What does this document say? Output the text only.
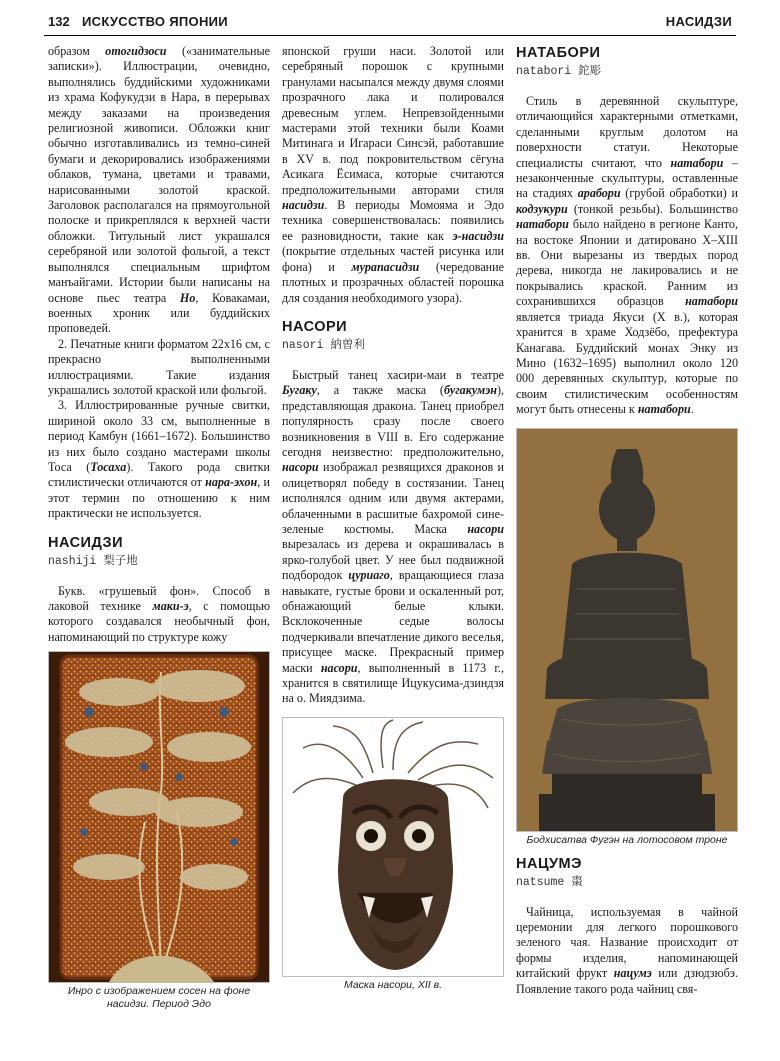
132 ИСКУССТВО ЯПОНИИ	НАСИДЗИ

образом отогидзоси («занимательные записки»). Иллюстрации, очевидно, выполнялись буддийскими художниками из храма Кофукудзи в Нара, в перерывах между заказами на произведения религиозной живописи. Обложки книг обычно изготавливались из темно-синей бумаги и декорировались изображениями облаков, тумана, цветами и травами, нарисованными золотой краской. Заголовок располагался на прямоугольной полоске и прикреплялся к верхней части обложки. Титульный лист украшался серебряной или золотой фольгой, а текст выполнялся специальным шрифтом манъайгами. Истории были написаны на основе пьес театра Но, Ковакамаи, военных хроник или буддийских проповедей.

2. Печатные книги форматом 22x16 см, с прекрасно выполненными иллюстрациями. Такие издания украшались золотой краской или фольгой.

3. Иллюстрированные ручные свитки, шириной около 33 см, выполненные в период Камбун (1661–1672). Большинство из них было создано мастерами школы Тоса (Тосаха). Такого рода свитки стилистически отличаются от нара-эхон, и этот термин по отношению к ним практически не используется.

НАСИДЗИ

nashiji 梨子地

Букв. «грушевый фон». Способ в лаковой технике маки-э, с помощью которого создавался необычный фон, напоминающий по структуре кожу

Инро с изображением сосен на фоне насидзи. Период Эдо

японской груши наси. Золотой или серебряный порошок с крупными гранулами насыпался между двумя слоями прозрачного лака и полировался древесным углем. Непревзойденными мастерами этой техники были Коами Митинага и Игараси Синсэй, работавшие в XV в. под покровительством сёгуна Асикага Ёсимаса, которые считаются предположительными авторами стиля насидзи. В периоды Момояма и Эдо техника совершенствовалась: появились ее разновидности, такие как э-насидзи (покрытие отдельных частей рисунка или фона) и мураnасидзи (чередование плотных и прозрачных областей порошка для создания необходимого узора).

НАСОРИ

nasori 納曽利

Быстрый танец хасири-маи в театре Бугаку, а также маска (бугакумэн), представляющая дракона. Танец приобрел популярность сразу после своего возникновения в VIII в. Его содержание сегодня неизвестно: предположительно, насори изображал резвящихся драконов и олицетворял победу в состязании. Танец исполнялся одним или двумя актерами, облаченными в расшитые бахромой сине-зеленые костюмы. Маска насори вырезалась из дерева и окрашивалась в ярко-голубой цвет. У нее был подвижной подбородок цуриаго, вращающиеся глаза навыкате, густые брови и оскаленный рот, обнажающий белые клыки. Всклокоченные седые волосы подчеркивали впечатление дикого веселья, присущее маске. Прекрасный пример маски насори, выполненный в 1173 г., хранится в святилище Ицукусима-дзиндзя на о. Миядзима.

Маска насори, XII в.

НАТАБОРИ

natabori 鉈彫

Стиль в деревянной скульптуре, отличающийся характерными отметками, сделанными круглым долотом на поверхности статуи. Некоторые специалисты считают, что натабори – незаконченные скульптуры, оставленные на стадиях арабори (грубой обработки) и кодзукури (тонкой резьбы). Большинство натабори было найдено в регионе Канто, на востоке Японии и датировано X–XIII вв. Они вырезаны из твердых пород дерева, никогда не лакировались и не покрывались краской. Ранним из сохранившихся образцов натабори является триада Якуси (X в.), которая хранится в храме Ходзёбо, префектура Канагава. Буддийский монах Энку из Мино (1632–1695) выполнил около 120 000 деревянных скульптур, которые по своим стилистическим особенностям могут быть отнесены к натабори.

Бодхисатва Фугэн на лотосовом троне

НАЦУМЭ

natsume 棗

Чайница, используемая в чайной церемонии для легкого порошкового зеленого чая. Название происходит от формы изделия, напоминающей китайский фрукт нацумэ или дзюдзюбэ. Появление такого рода чайниц свя-
